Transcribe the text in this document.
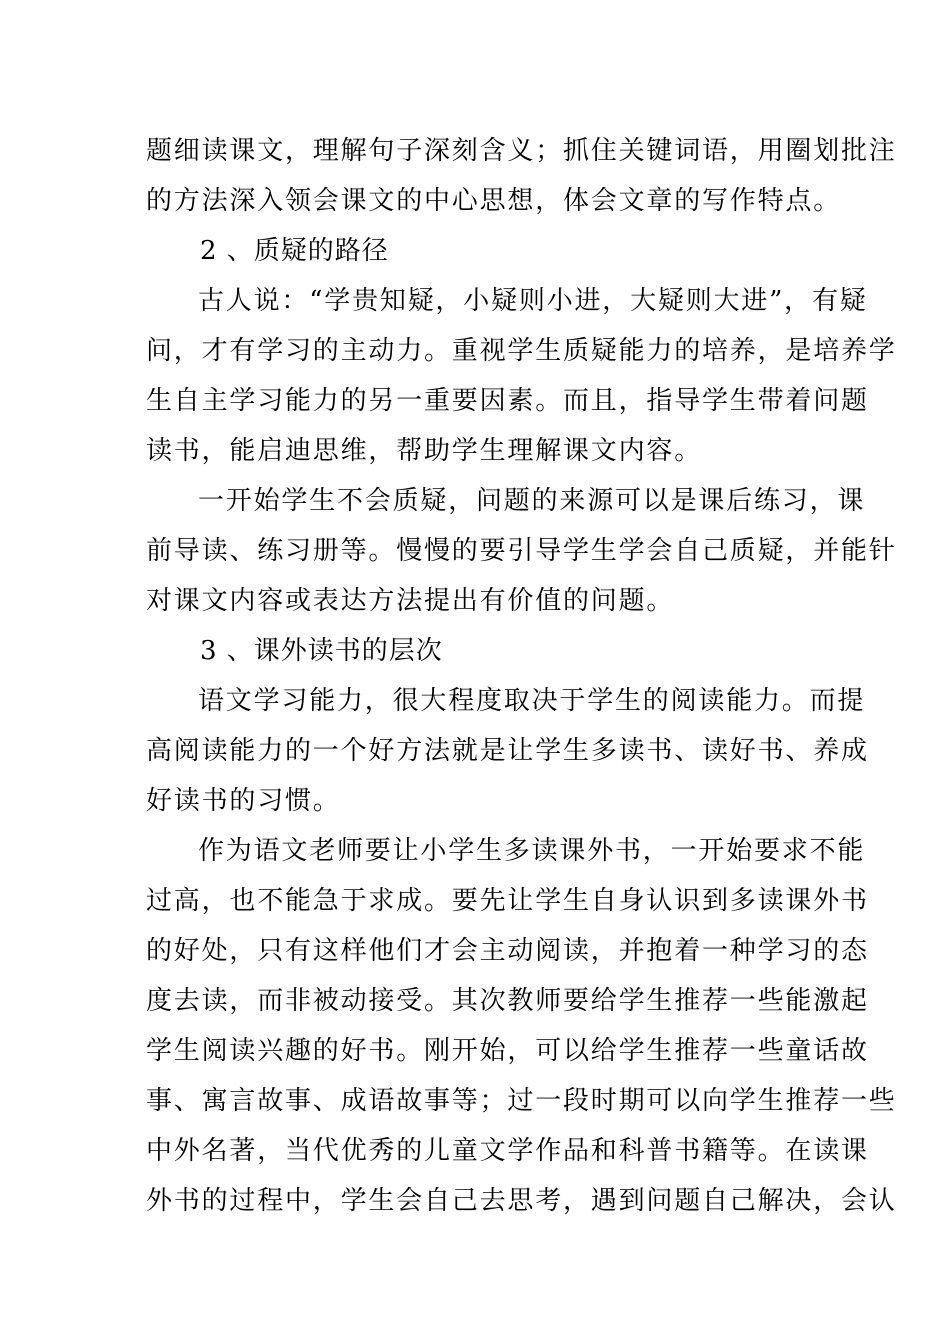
题细读课文，理解句子深刻含义；抓住关键词语，用圈划批注
的方法深入领会课文的中心思想，体会文章的写作特点。
2 、质疑的路径
古人说：“学贵知疑，小疑则小进，大疑则大进”，有疑
问，才有学习的主动力。重视学生质疑能力的培养，是培养学
生自主学习能力的另一重要因素。而且，指导学生带着问题
读书，能启迪思维，帮助学生理解课文内容。
一开始学生不会质疑，问题的来源可以是课后练习，课
前导读、练习册等。慢慢的要引导学生学会自己质疑，并能针
对课文内容或表达方法提出有价值的问题。
3 、课外读书的层次
语文学习能力，很大程度取决于学生的阅读能力。而提
高阅读能力的一个好方法就是让学生多读书、读好书、养成
好读书的习惯。
作为语文老师要让小学生多读课外书，一开始要求不能
过高，也不能急于求成。要先让学生自身认识到多读课外书
的好处，只有这样他们才会主动阅读，并抱着一种学习的态
度去读，而非被动接受。其次教师要给学生推荐一些能激起
学生阅读兴趣的好书。刚开始，可以给学生推荐一些童话故
事、寓言故事、成语故事等；过一段时期可以向学生推荐一些
中外名著，当代优秀的儿童文学作品和科普书籍等。在读课
外书的过程中，学生会自己去思考，遇到问题自己解决，会认
